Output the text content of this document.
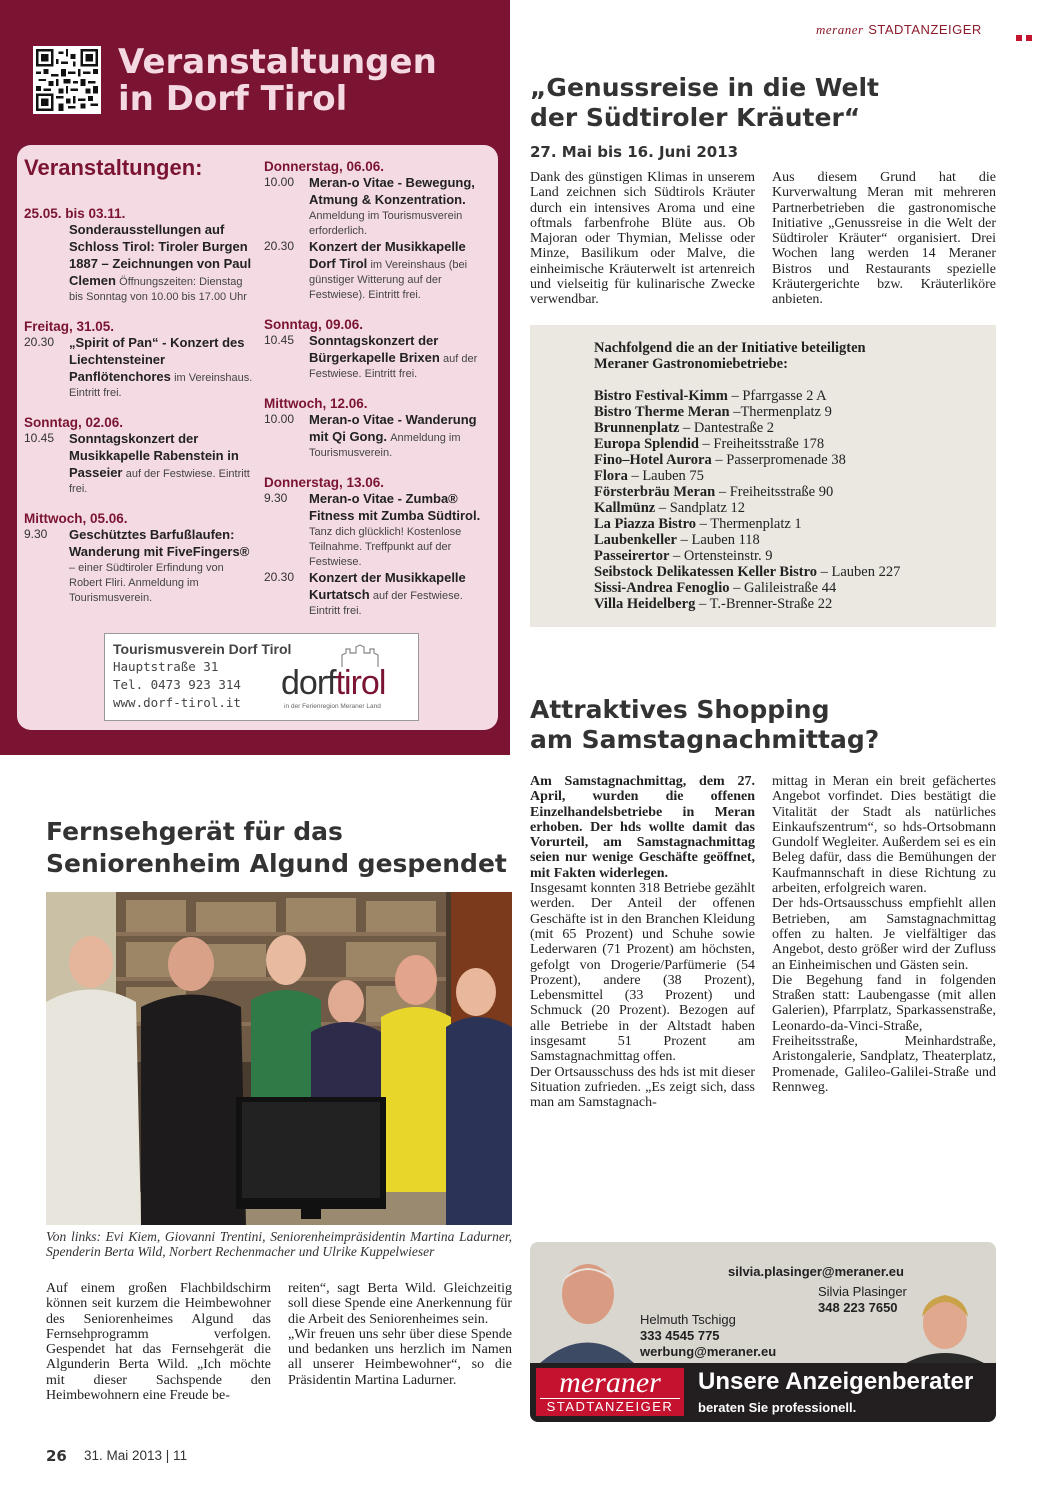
meraner STADTANZEIGER
Veranstaltungen
in Dorf Tirol
Veranstaltungen:
25.05. bis 03.11.
Sonderausstellungen auf Schloss Tirol: Tiroler Burgen 1887 – Zeichnungen von Paul Clemen Öffnungszeiten: Dienstag bis Sonntag von 10.00 bis 17.00 Uhr
Freitag, 31.05.
20.30	„Spirit of Pan“ - Konzert des Liechtensteiner Panflötenchores im Vereinshaus. Eintritt frei.
Sonntag, 02.06.
10.45	Sonntagskonzert der Musikkapelle Rabenstein in Passeier auf der Festwiese. Eintritt frei.
Mittwoch, 05.06.
9.30	Geschütztes Barfußlaufen: Wanderung mit FiveFingers® – einer Südtiroler Erfindung von Robert Fliri. Anmeldung im Tourismusverein.
Donnerstag, 06.06.
10.00	Meran-o Vitae - Bewegung, Atmung & Konzentration. Anmeldung im Tourismusverein erforderlich.
20.30	Konzert der Musikkapelle Dorf Tirol im Vereinshaus (bei günstiger Witterung auf der Festwiese). Eintritt frei.
Sonntag, 09.06.
10.45	Sonntagskonzert der Bürgerkapelle Brixen auf der Festwiese. Eintritt frei.
Mittwoch, 12.06.
10.00	Meran-o Vitae - Wanderung mit Qi Gong. Anmeldung im Tourismusverein.
Donnerstag, 13.06.
9.30	Meran-o Vitae - Zumba® Fitness mit Zumba Südtirol. Tanz dich glücklich! Kostenlose Teilnahme. Treffpunkt auf der Festwiese.
20.30	Konzert der Musikkapelle Kurtatsch auf der Festwiese. Eintritt frei.
Tourismusverein Dorf Tirol
Hauptstraße 31
Tel. 0473 923 314
www.dorf-tirol.it
dorftirol
in der Ferienregion Meraner Land
„Genussreise in die Welt
der Südtiroler Kräuter“
27. Mai bis 16. Juni 2013
Dank des günstigen Klimas in unserem Land zeichnen sich Südtirols Kräuter durch ein intensives Aroma und eine oftmals farbenfrohe Blüte aus. Ob Majoran oder Thymian, Melisse oder Minze, Basilikum oder Malve, die einheimische Kräuterwelt ist artenreich und vielseitig für kulinarische Zwecke verwendbar.
Aus diesem Grund hat die Kurverwaltung Meran mit mehreren Partnerbetrieben die gastronomische Initiative „Genussreise in die Welt der Südtiroler Kräuter“ organisiert. Drei Wochen lang werden 14 Meraner Bistros und Restaurants spezielle Kräutergerichte bzw. Kräuterliköre anbieten.
Nachfolgend die an der Initiative beteiligten Meraner Gastronomiebetriebe:
Bistro Festival-Kimm – Pfarrgasse 2 A
Bistro Therme Meran –Thermenplatz 9
Brunnenplatz – Dantestraße 2
Europa Splendid – Freiheitsstraße 178
Fino–Hotel Aurora – Passerpromenade 38
Flora – Lauben 75
Försterbräu Meran – Freiheitsstraße 90
Kallmünz – Sandplatz 12
La Piazza Bistro – Thermenplatz 1
Laubenkeller – Lauben 118
Passeirertor – Ortensteinstr. 9
Seibstock Delikatessen Keller Bistro – Lauben 227
Sissi-Andrea Fenoglio – Galileistraße 44
Villa Heidelberg – T.-Brenner-Straße 22
Attraktives Shopping
am Samstagnachmittag?
Am Samstagnachmittag, dem 27. April, wurden die offenen Einzelhandelsbetriebe in Meran erhoben. Der hds wollte damit das Vorurteil, am Samstagnachmittag seien nur wenige Geschäfte geöffnet, mit Fakten widerlegen.
Insgesamt konnten 318 Betriebe gezählt werden. Der Anteil der offenen Geschäfte ist in den Branchen Kleidung (mit 65 Prozent) und Schuhe sowie Lederwaren (71 Prozent) am höchsten, gefolgt von Drogerie/Parfümerie (54 Prozent), andere (38 Prozent), Lebensmittel (33 Prozent) und Schmuck (20 Prozent). Bezogen auf alle Betriebe in der Altstadt haben insgesamt 51 Prozent am Samstagnachmittag offen.
Der Ortsausschuss des hds ist mit dieser Situation zufrieden. „Es zeigt sich, dass man am Samstagnach-
mittag in Meran ein breit gefächertes Angebot vorfindet. Dies bestätigt die Vitalität der Stadt als natürliches Einkaufszentrum“, so hds-Ortsobmann Gundolf Wegleiter. Außerdem sei es ein Beleg dafür, dass die Bemühungen der Kaufmannschaft in diese Richtung zu arbeiten, erfolgreich waren.
Der hds-Ortsausschuss empfiehlt allen Betrieben, am Samstagnachmittag offen zu halten. Je vielfältiger das Angebot, desto größer wird der Zufluss an Einheimischen und Gästen sein.
Die Begehung fand in folgenden Straßen statt: Laubengasse (mit allen Galerien), Pfarrplatz, Sparkassenstraße, Leonardo-da-Vinci-Straße, Freiheitsstraße, Meinhardstraße, Aristongalerie, Sandplatz, Theaterplatz, Promenade, Galileo-Galilei-Straße und Rennweg.
Fernsehgerät für das
Seniorenheim Algund gespendet
Von links: Evi Kiem, Giovanni Trentini, Seniorenheimpräsidentin Martina Ladurner, Spenderin Berta Wild, Norbert Rechenmacher und Ulrike Kuppelwieser
Auf einem großen Flachbildschirm können seit kurzem die Heimbewohner des Seniorenheimes Algund das Fernsehprogramm verfolgen. Gespendet hat das Fernsehgerät die Algunderin Berta Wild. „Ich möchte mit dieser Sachspende den Heimbewohnern eine Freude be-
reiten“, sagt Berta Wild. Gleichzeitig soll diese Spende eine Anerkennung für die Arbeit des Seniorenheimes sein.
„Wir freuen uns sehr über diese Spende und bedanken uns herzlich im Namen all unserer Heimbewohner“, so die Präsidentin Martina Ladurner.
silvia.plasinger@meraner.eu
Silvia Plasinger
348 223 7650
Helmuth Tschigg
333 4545 775
werbung@meraner.eu
meraner
STADTANZEIGER
Unsere Anzeigenberater
beraten Sie professionell.
26 31. Mai 2013 | 11
